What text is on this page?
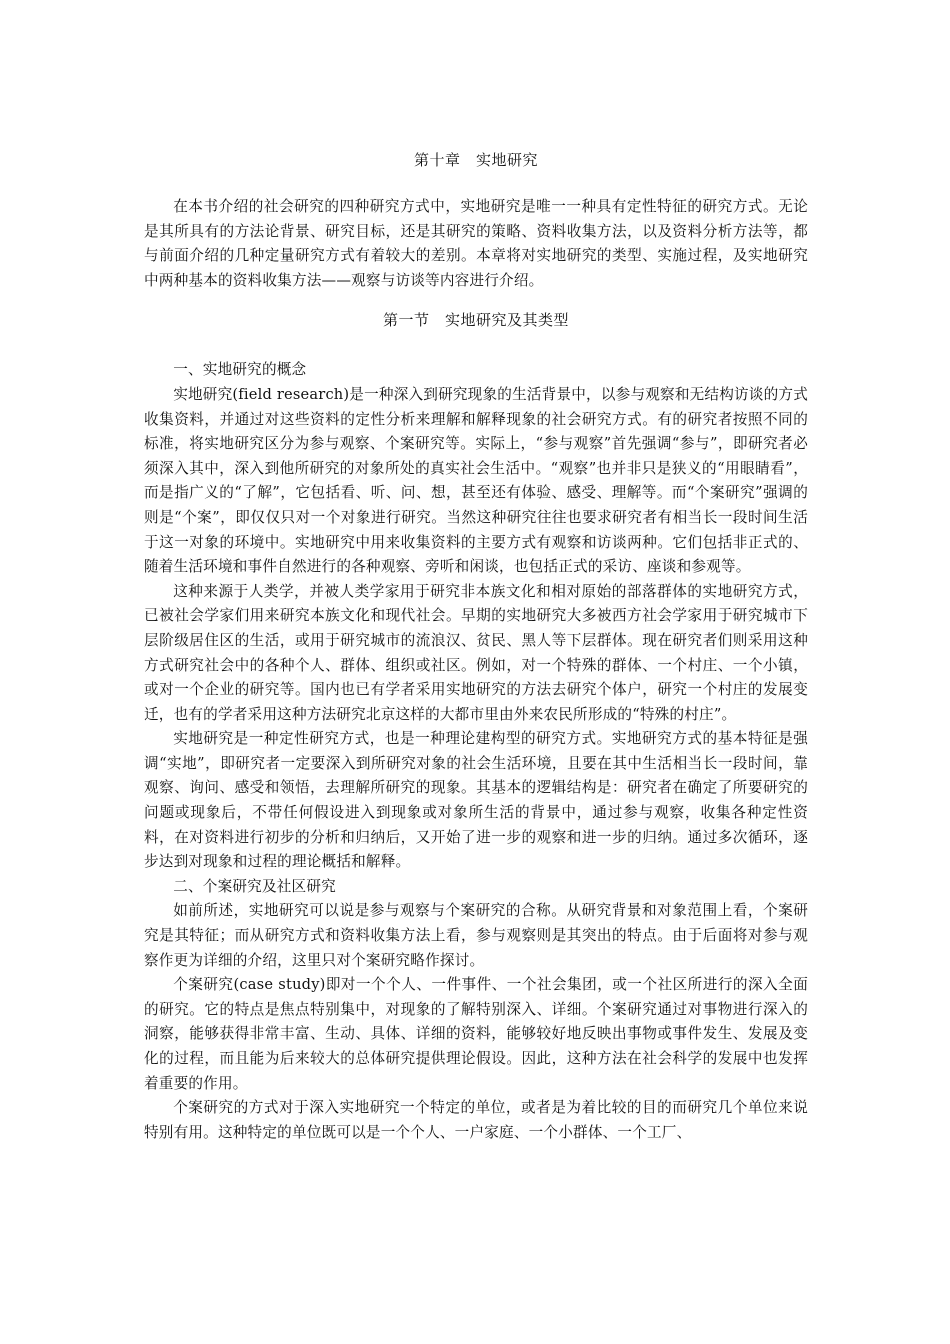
第十章　实地研究

在本书介绍的社会研究的四种研究方式中，实地研究是唯一一种具有定性特征的研究方式。无论是其所具有的方法论背景、研究目标，还是其研究的策略、资料收集方法，以及资料分析方法等，都与前面介绍的几种定量研究方式有着较大的差别。本章将对实地研究的类型、实施过程，及实地研究中两种基本的资料收集方法——观察与访谈等内容进行介绍。

第一节　实地研究及其类型
一、实地研究的概念

实地研究(field research)是一种深入到研究现象的生活背景中，以参与观察和无结构访谈的方式收集资料，并通过对这些资料的定性分析来理解和解释现象的社会研究方式。有的研究者按照不同的标准，将实地研究区分为参与观察、个案研究等。实际上，“参与观察”首先强调“参与”，即研究者必须深入其中，深入到他所研究的对象所处的真实社会生活中。“观察”也并非只是狭义的“用眼睛看”，而是指广义的“了解”，它包括看、听、问、想，甚至还有体验、感受、理解等。而“个案研究”强调的则是“个案”，即仅仅只对一个对象进行研究。当然这种研究往往也要求研究者有相当长一段时间生活于这一对象的环境中。实地研究中用来收集资料的主要方式有观察和访谈两种。它们包括非正式的、随着生活环境和事件自然进行的各种观察、旁听和闲谈，也包括正式的采访、座谈和参观等。

这种来源于人类学，并被人类学家用于研究非本族文化和相对原始的部落群体的实地研究方式，已被社会学家们用来研究本族文化和现代社会。早期的实地研究大多被西方社会学家用于研究城市下层阶级居住区的生活，或用于研究城市的流浪汉、贫民、黑人等下层群体。现在研究者们则采用这种方式研究社会中的各种个人、群体、组织或社区。例如，对一个特殊的群体、一个村庄、一个小镇，或对一个企业的研究等。国内也已有学者采用实地研究的方法去研究个体户，研究一个村庄的发展变迁，也有的学者采用这种方法研究北京这样的大都市里由外来农民所形成的“特殊的村庄”。

实地研究是一种定性研究方式，也是一种理论建构型的研究方式。实地研究方式的基本特征是强调“实地”，即研究者一定要深入到所研究对象的社会生活环境，且要在其中生活相当长一段时间，靠观察、询问、感受和领悟，去理解所研究的现象。其基本的逻辑结构是：研究者在确定了所要研究的问题或现象后，不带任何假设进入到现象或对象所生活的背景中，通过参与观察，收集各种定性资料，在对资料进行初步的分析和归纳后，又开始了进一步的观察和进一步的归纳。通过多次循环，逐步达到对现象和过程的理论概括和解释。

二、个案研究及社区研究

如前所述，实地研究可以说是参与观察与个案研究的合称。从研究背景和对象范围上看，个案研究是其特征；而从研究方式和资料收集方法上看，参与观察则是其突出的特点。由于后面将对参与观察作更为详细的介绍，这里只对个案研究略作探讨。

个案研究(case study)即对一个个人、一件事件、一个社会集团，或一个社区所进行的深入全面的研究。它的特点是焦点特别集中，对现象的了解特别深入、详细。个案研究通过对事物进行深入的洞察，能够获得非常丰富、生动、具体、详细的资料，能够较好地反映出事物或事件发生、发展及变化的过程，而且能为后来较大的总体研究提供理论假设。因此，这种方法在社会科学的发展中也发挥着重要的作用。

个案研究的方式对于深入实地研究一个特定的单位，或者是为着比较的目的而研究几个单位来说特别有用。这种特定的单位既可以是一个个人、一户家庭、一个小群体、一个工厂、
